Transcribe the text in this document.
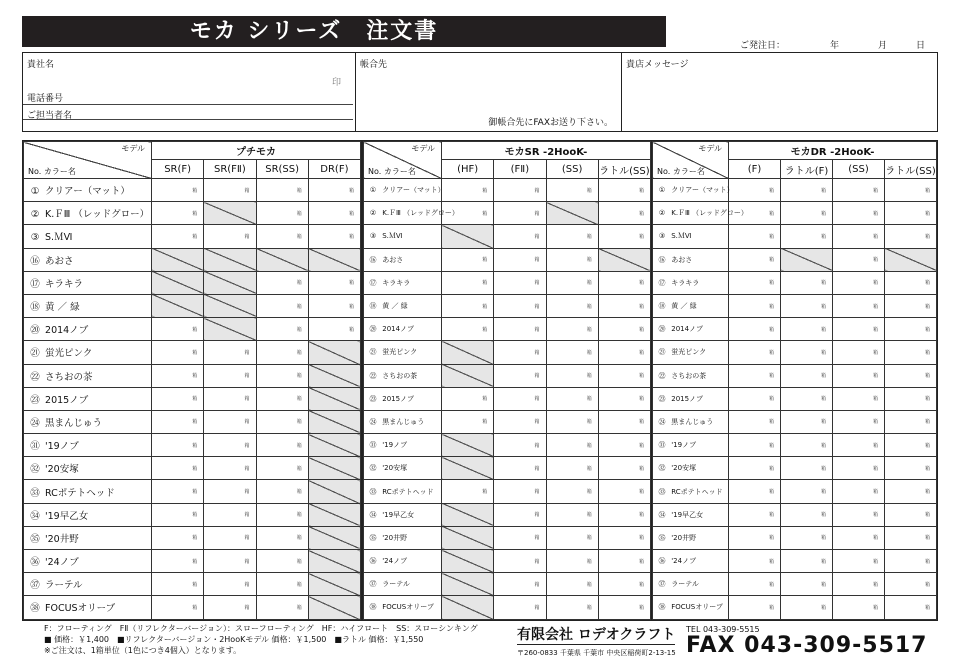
モカ シリーズ　注文書
ご発注日：	年	月	日
貴社名
印
電話番号
ご担当者名
帳合先
御帳合先にFAXお送り下さい。
貴店メッセージ
モデル
No. カラー名	プチモカ			
	SR(F)	SR(FⅡ)	SR(SS)	DR(F)
① クリアー（マット）	箱	箱	箱	箱
② K.ＦⅢ （レッドグロー）	箱		箱	箱
③ S.ＭⅥ	箱	箱	箱	箱
⑯ あおさ				
⑰ キラキラ			箱	箱
⑱ 黄 ／ 緑			箱	箱
⑳ 2014ノブ	箱		箱	箱
㉑ 蛍光ピンク	箱	箱	箱	
㉒ さちおの茶	箱	箱	箱	
㉓ 2015ノブ	箱	箱	箱	
㉔ 黒まんじゅう	箱	箱	箱	
㉛ '19ノブ	箱	箱	箱	
㉜ '20安塚	箱	箱	箱	
㉝ RCポテトヘッド	箱	箱	箱	
㉞ '19早乙女	箱	箱	箱	
㉟ '20井野	箱	箱	箱	
㊱ '24ノブ	箱	箱	箱	
㊲ ラーテル	箱	箱	箱	
㊳ FOCUSオリーブ	箱	箱	箱	
モデル
No. カラー名	モカSR -2HooK-			
	(HF)	(FⅡ)	(SS)	ラトル(SS)
① クリアー（マット）	箱	箱	箱	箱
② K.ＦⅢ （レッドグロー）	箱	箱		箱
③ S.ＭⅥ		箱	箱	箱
⑯ あおさ	箱	箱	箱	
⑰ キラキラ	箱	箱	箱	箱
⑱ 黄 ／ 緑	箱	箱	箱	箱
⑳ 2014ノブ	箱	箱	箱	箱
㉑ 蛍光ピンク		箱	箱	箱
㉒ さちおの茶		箱	箱	箱
㉓ 2015ノブ	箱	箱	箱	箱
㉔ 黒まんじゅう	箱	箱	箱	箱
㉛ '19ノブ		箱	箱	箱
㉜ '20安塚		箱	箱	箱
㉝ RCポテトヘッド	箱	箱	箱	箱
㉞ '19早乙女		箱	箱	箱
㉟ '20井野		箱	箱	箱
㊱ '24ノブ		箱	箱	箱
㊲ ラーテル		箱	箱	箱
㊳ FOCUSオリーブ		箱	箱	箱
モデル
No. カラー名	モカDR -2HooK-			
	(F)	ラトル(F)	(SS)	ラトル(SS)
① クリアー（マット）	箱	箱	箱	箱
② K.ＦⅢ （レッドグロー）	箱	箱	箱	箱
③ S.ＭⅥ	箱	箱	箱	箱
⑯ あおさ	箱		箱	
⑰ キラキラ	箱	箱	箱	箱
⑱ 黄 ／ 緑	箱	箱	箱	箱
⑳ 2014ノブ	箱	箱	箱	箱
㉑ 蛍光ピンク	箱	箱	箱	箱
㉒ さちおの茶	箱	箱	箱	箱
㉓ 2015ノブ	箱	箱	箱	箱
㉔ 黒まんじゅう	箱	箱	箱	箱
㉛ '19ノブ	箱	箱	箱	箱
㉜ '20安塚	箱	箱	箱	箱
㉝ RCポテトヘッド	箱	箱	箱	箱
㉞ '19早乙女	箱	箱	箱	箱
㉟ '20井野	箱	箱	箱	箱
㊱ '24ノブ	箱	箱	箱	箱
㊲ ラーテル	箱	箱	箱	箱
㊳ FOCUSオリーブ	箱	箱	箱	箱
F：フローティング　FⅡ（リフレクターバージョン）：スローフローティング　HF：ハイフロート　SS：スローシンキング
■ 価格：￥1,400　■リフレクターバージョン・2HooKモデル 価格：￥1,500　■ラトル 価格：￥1,550
※ご注文は、1箱単位（1色につき4個入）となります。
有限会社 ロデオクラフト
〒260-0833 千葉県 千葉市 中央区稲荷町2-13-15
TEL 043-309-5515
FAX 043-309-5517
